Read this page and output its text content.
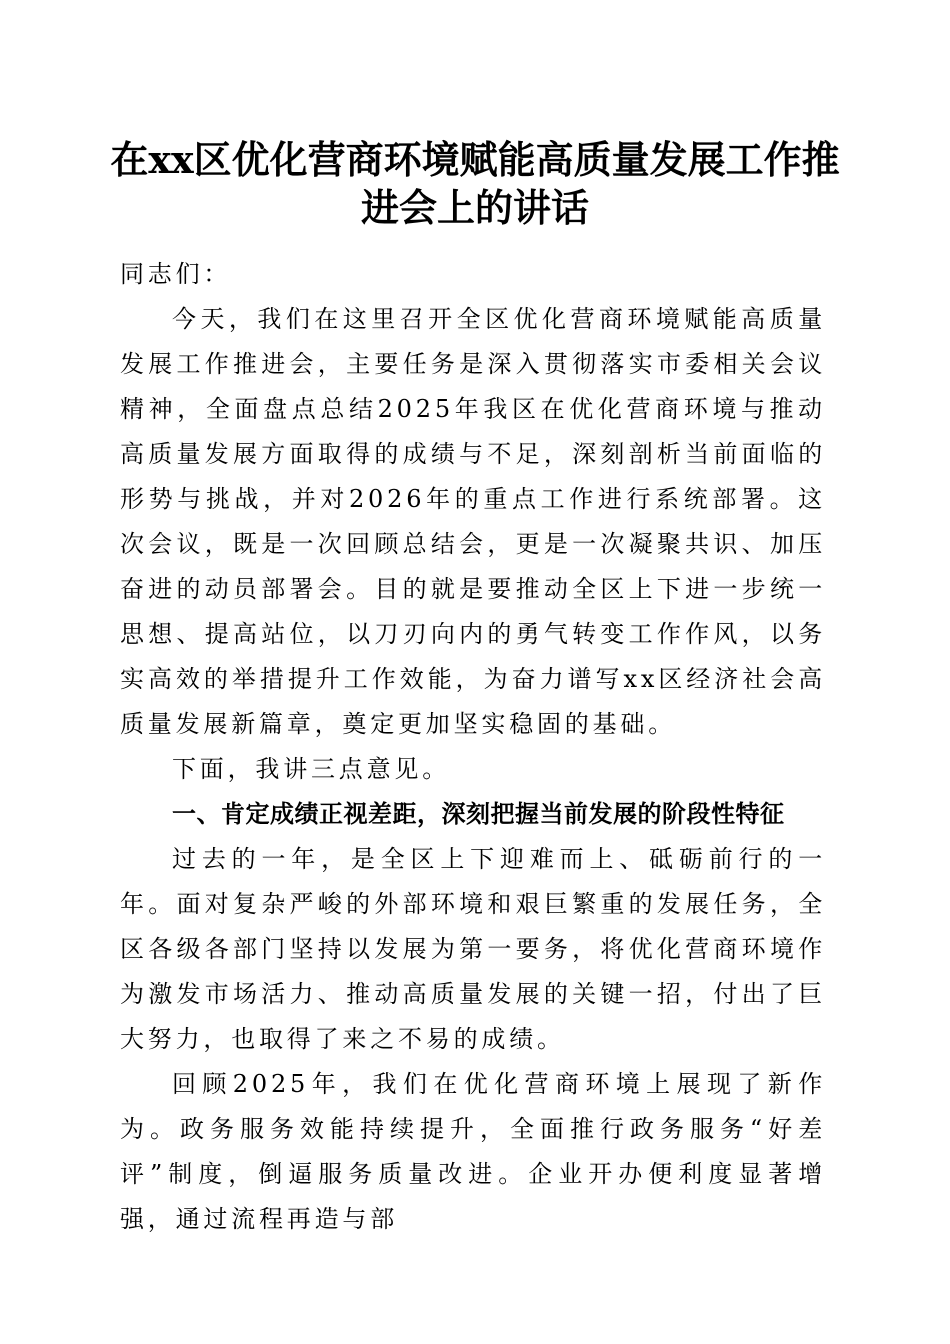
在xx区优化营商环境赋能高质量发展工作推进会上的讲话

同志们：

今天，我们在这里召开全区优化营商环境赋能高质量发展工作推进会，主要任务是深入贯彻落实市委相关会议精神，全面盘点总结2025年我区在优化营商环境与推动高质量发展方面取得的成绩与不足，深刻剖析当前面临的形势与挑战，并对2026年的重点工作进行系统部署。这次会议，既是一次回顾总结会，更是一次凝聚共识、加压奋进的动员部署会。目的就是要推动全区上下进一步统一思想、提高站位，以刀刃向内的勇气转变工作作风，以务实高效的举措提升工作效能，为奋力谱写xx区经济社会高质量发展新篇章，奠定更加坚实稳固的基础。

下面，我讲三点意见。

一、肯定成绩正视差距，深刻把握当前发展的阶段性特征

过去的一年，是全区上下迎难而上、砥砺前行的一年。面对复杂严峻的外部环境和艰巨繁重的发展任务，全区各级各部门坚持以发展为第一要务，将优化营商环境作为激发市场活力、推动高质量发展的关键一招，付出了巨大努力，也取得了来之不易的成绩。

回顾2025年，我们在优化营商环境上展现了新作为。政务服务效能持续提升，全面推行政务服务“好差评”制度，倒逼服务质量改进。企业开办便利度显著增强，通过流程再造与部
